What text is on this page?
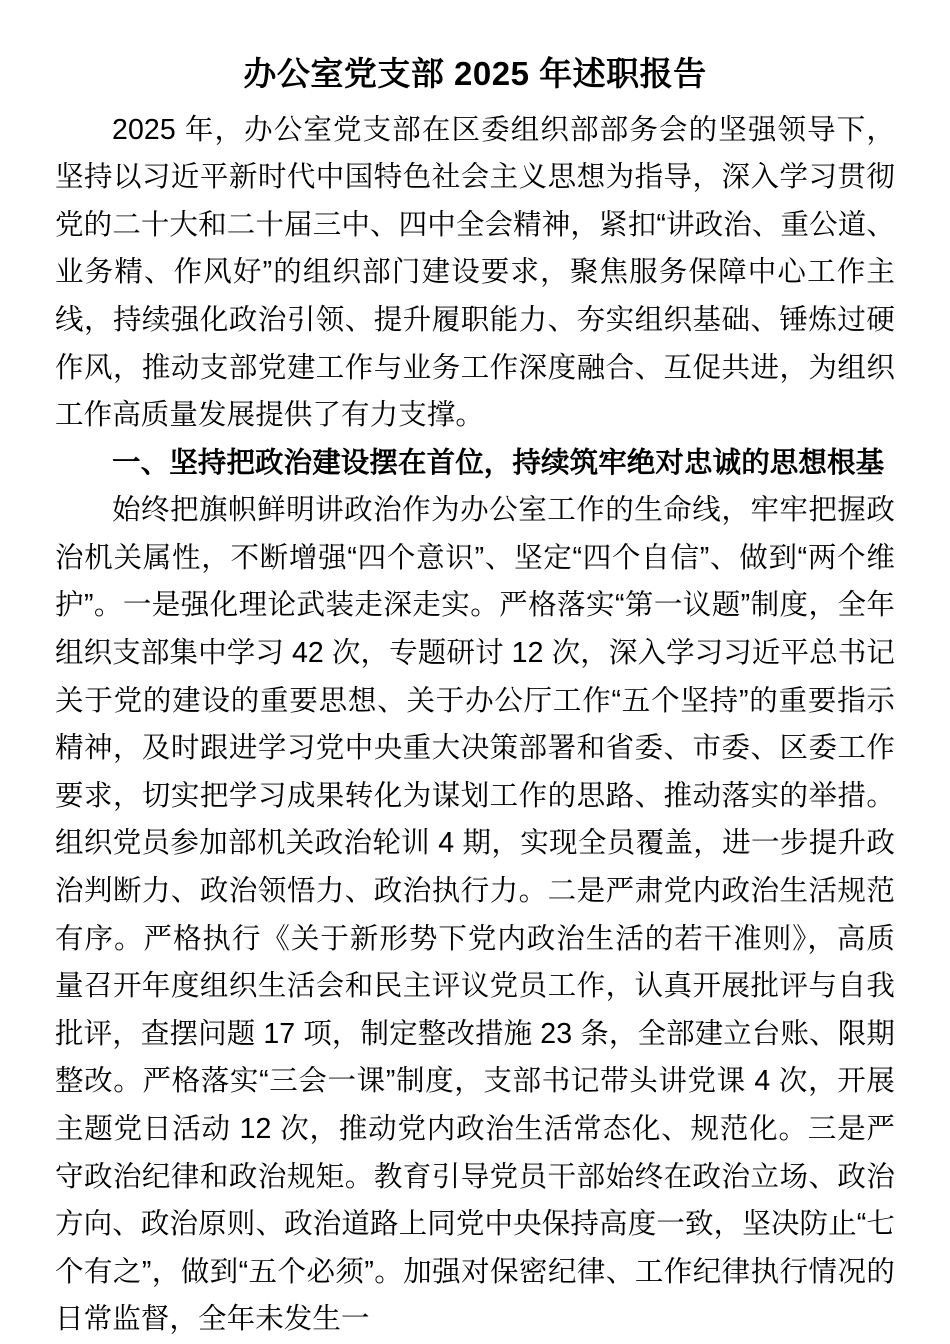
办公室党支部 2025 年述职报告

2025 年，办公室党支部在区委组织部部务会的坚强领导下，坚持以习近平新时代中国特色社会主义思想为指导，深入学习贯彻党的二十大和二十届三中、四中全会精神，紧扣“讲政治、重公道、业务精、作风好”的组织部门建设要求，聚焦服务保障中心工作主线，持续强化政治引领、提升履职能力、夯实组织基础、锤炼过硬作风，推动支部党建工作与业务工作深度融合、互促共进，为组织工作高质量发展提供了有力支撑。

一、坚持把政治建设摆在首位，持续筑牢绝对忠诚的思想根基

始终把旗帜鲜明讲政治作为办公室工作的生命线，牢牢把握政治机关属性，不断增强“四个意识”、坚定“四个自信”、做到“两个维护”。一是强化理论武装走深走实。严格落实“第一议题”制度，全年组织支部集中学习 42 次，专题研讨 12 次，深入学习习近平总书记关于党的建设的重要思想、关于办公厅工作“五个坚持”的重要指示精神，及时跟进学习党中央重大决策部署和省委、市委、区委工作要求，切实把学习成果转化为谋划工作的思路、推动落实的举措。组织党员参加部机关政治轮训 4 期，实现全员覆盖，进一步提升政治判断力、政治领悟力、政治执行力。二是严肃党内政治生活规范有序。严格执行《关于新形势下党内政治生活的若干准则》，高质量召开年度组织生活会和民主评议党员工作，认真开展批评与自我批评，查摆问题 17 项，制定整改措施 23 条，全部建立台账、限期整改。严格落实“三会一课”制度，支部书记带头讲党课 4 次，开展主题党日活动 12 次，推动党内政治生活常态化、规范化。三是严守政治纪律和政治规矩。教育引导党员干部始终在政治立场、政治方向、政治原则、政治道路上同党中央保持高度一致，坚决防止“七个有之”，做到“五个必须”。加强对保密纪律、工作纪律执行情况的日常监督，全年未发生一
